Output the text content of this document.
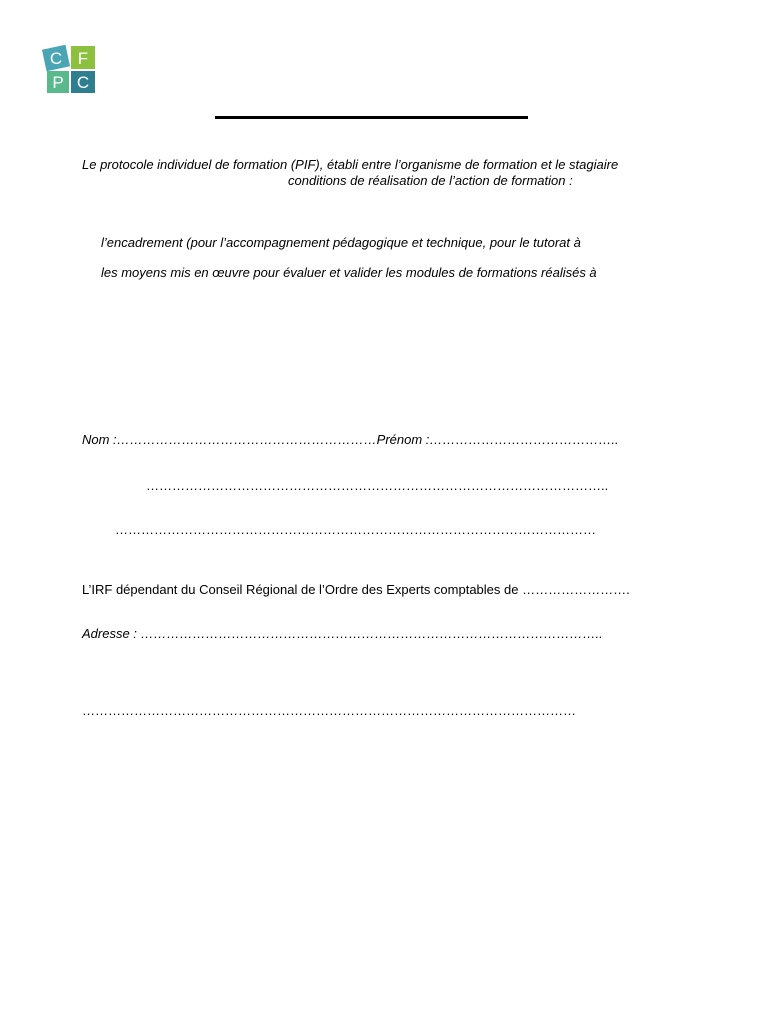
C F
P C
Le protocole individuel de formation (PIF), établi entre l’organisme de formation et le stagiaire
conditions de réalisation de l’action de formation :
l’encadrement (pour l’accompagnement pédagogique et technique, pour le tutorat à
les moyens mis en œuvre pour évaluer et valider les modules de formations réalisés à
Nom :……………………………………………………Prénom :……………………………………..
……………………………………………………………………………………………..
…………………………………………………………………………………………………
L’IRF dépendant du Conseil Régional de l’Ordre des Experts comptables de …………………….
Adresse : ……………………………………………………………………………………………..
……………………………………………………………………………………………………
